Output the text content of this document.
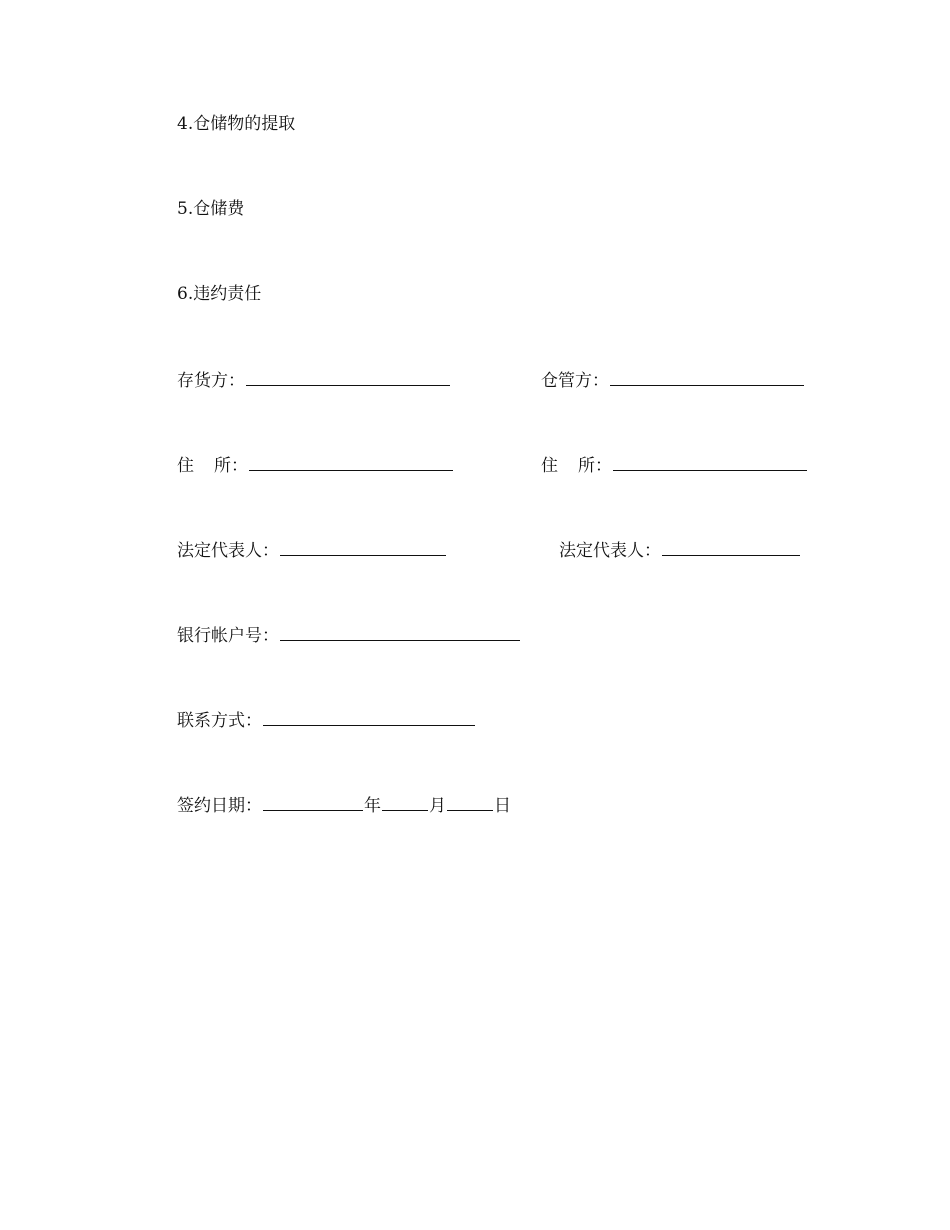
4.仓储物的提取
5.仓储费
6.违约责任
存货方：	仓管方：
住 所：	住 所：
法定代表人：	法定代表人：
银行帐户号：
联系方式：
签约日期：	年	月	日
